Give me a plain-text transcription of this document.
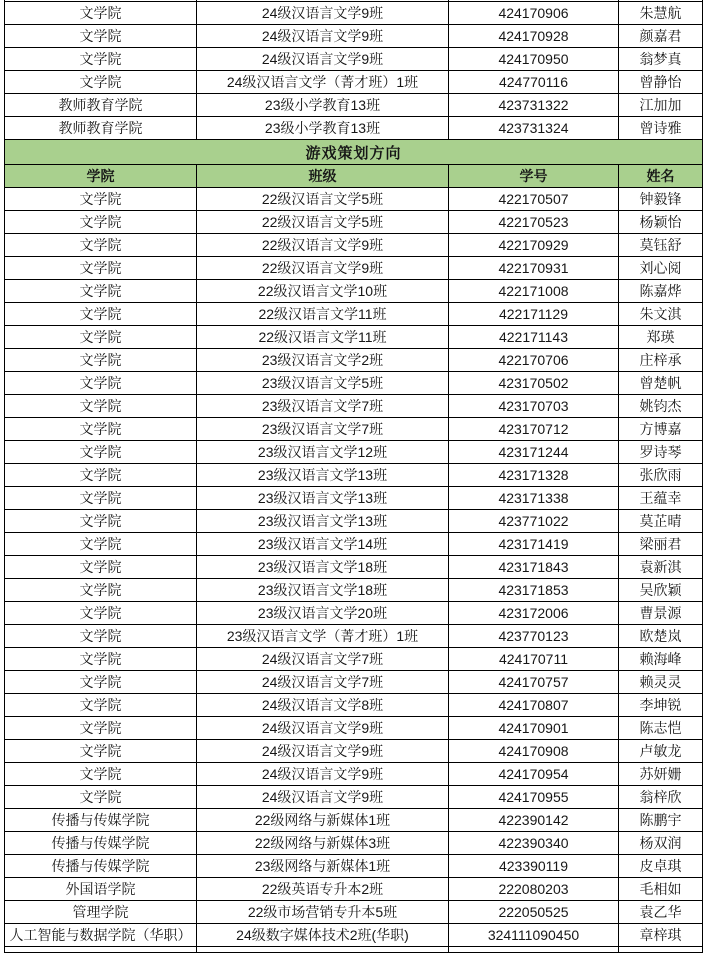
文学院	24级汉语言文学9班	424170906	朱慧航
文学院	24级汉语言文学9班	424170928	颜嘉君
文学院	24级汉语言文学9班	424170950	翁梦真
文学院	24级汉语言文学（菁才班）1班	424770116	曾静怡
教师教育学院	23级小学教育13班	423731322	江加加
教师教育学院	23级小学教育13班	423731324	曾诗雅
游戏策划方向			
学院	班级	学号	姓名
文学院	22级汉语言文学5班	422170507	钟毅锋
文学院	22级汉语言文学5班	422170523	杨颖怡
文学院	22级汉语言文学9班	422170929	莫钰舒
文学院	22级汉语言文学9班	422170931	刘心阅
文学院	22级汉语言文学10班	422171008	陈嘉烨
文学院	22级汉语言文学11班	422171129	朱文淇
文学院	22级汉语言文学11班	422171143	郑瑛
文学院	23级汉语言文学2班	422170706	庄梓承
文学院	23级汉语言文学5班	423170502	曾楚帆
文学院	23级汉语言文学7班	423170703	姚钧杰
文学院	23级汉语言文学7班	423170712	方博嘉
文学院	23级汉语言文学12班	423171244	罗诗琴
文学院	23级汉语言文学13班	423171328	张欣雨
文学院	23级汉语言文学13班	423171338	王蕴幸
文学院	23级汉语言文学13班	423771022	莫芷晴
文学院	23级汉语言文学14班	423171419	梁丽君
文学院	23级汉语言文学18班	423171843	袁新淇
文学院	23级汉语言文学18班	423171853	吴欣颖
文学院	23级汉语言文学20班	423172006	曹景源
文学院	23级汉语言文学（菁才班）1班	423770123	欧楚岚
文学院	24级汉语言文学7班	424170711	赖海峰
文学院	24级汉语言文学7班	424170757	赖灵灵
文学院	24级汉语言文学8班	424170807	李坤锐
文学院	24级汉语言文学9班	424170901	陈志恺
文学院	24级汉语言文学9班	424170908	卢敏龙
文学院	24级汉语言文学9班	424170954	苏妍姗
文学院	24级汉语言文学9班	424170955	翁梓欣
传播与传媒学院	22级网络与新媒体1班	422390142	陈鹏宇
传播与传媒学院	22级网络与新媒体3班	422390340	杨双润
传播与传媒学院	23级网络与新媒体1班	423390119	皮卓琪
外国语学院	22级英语专升本2班	222080203	毛相如
管理学院	22级市场营销专升本5班	222050525	袁乙华
人工智能与数据学院（华职）	24级数字媒体技术2班(华职)	324111090450	章梓琪
